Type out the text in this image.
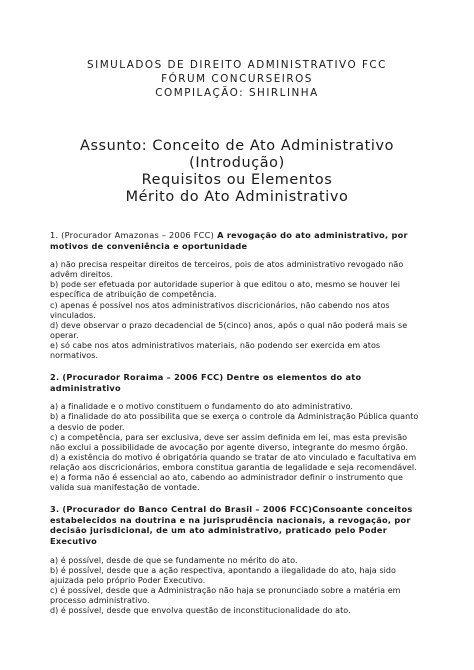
SIMULADOS DE DIREITO ADMINISTRATIVO FCC
FÓRUM CONCURSEIROS
COMPILAÇÃO: SHIRLINHA
Assunto: Conceito de Ato Administrativo
(Introdução)
Requisitos ou Elementos
Mérito do Ato Administrativo
1. (Procurador Amazonas – 2006 FCC) A revogação do ato administrativo, por motivos de conveniência e oportunidade
a) não precisa respeitar direitos de terceiros, pois de atos administrativo revogado não advêm direitos.
b) pode ser efetuada por autoridade superior à que editou o ato, mesmo se houver lei específica de atribuição de competência.
c) apenas é possível nos atos administrativos discricionários, não cabendo nos atos vinculados.
d) deve observar o prazo decadencial de 5(cinco) anos, após o qual não poderá mais se operar.
e) só cabe nos atos administrativos materiais, não podendo ser exercida em atos normativos.
2. (Procurador Roraima – 2006 FCC) Dentre os elementos do ato administrativo
a) a finalidade e o motivo constituem o fundamento do ato administrativo.
b) a finalidade do ato possibilita que se exerça o controle da Administração Pública quanto a desvio de poder.
c) a competência, para ser exclusiva, deve ser assim definida em lei, mas esta previsão não exclui a possibilidade de avocação por agente diverso, integrante do mesmo órgão.
d) a existência do motivo é obrigatória quando se tratar de ato vinculado e facultativa em relação aos discricionários, embora constitua garantia de legalidade e seja recomendável.
e) a forma não é essencial ao ato, cabendo ao administrador definir o instrumento que valida sua manifestação de vontade.
3. (Procurador do Banco Central do Brasil – 2006 FCC)Consoante conceitos estabelecidos na doutrina e na jurisprudência nacionais, a revogação, por decisão jurisdicional, de um ato administrativo, praticado pelo Poder Executivo
a) é possível, desde de que se fundamente no mérito do ato.
b) é possível, desde que a ação respectiva, apontando a ilegalidade do ato, haja sido ajuizada pelo próprio Poder Executivo.
c) é possível, desde que a Administração não haja se pronunciado sobre a matéria em processo administrativo.
d) é possível, desde que envolva questão de inconstitucionalidade do ato.
